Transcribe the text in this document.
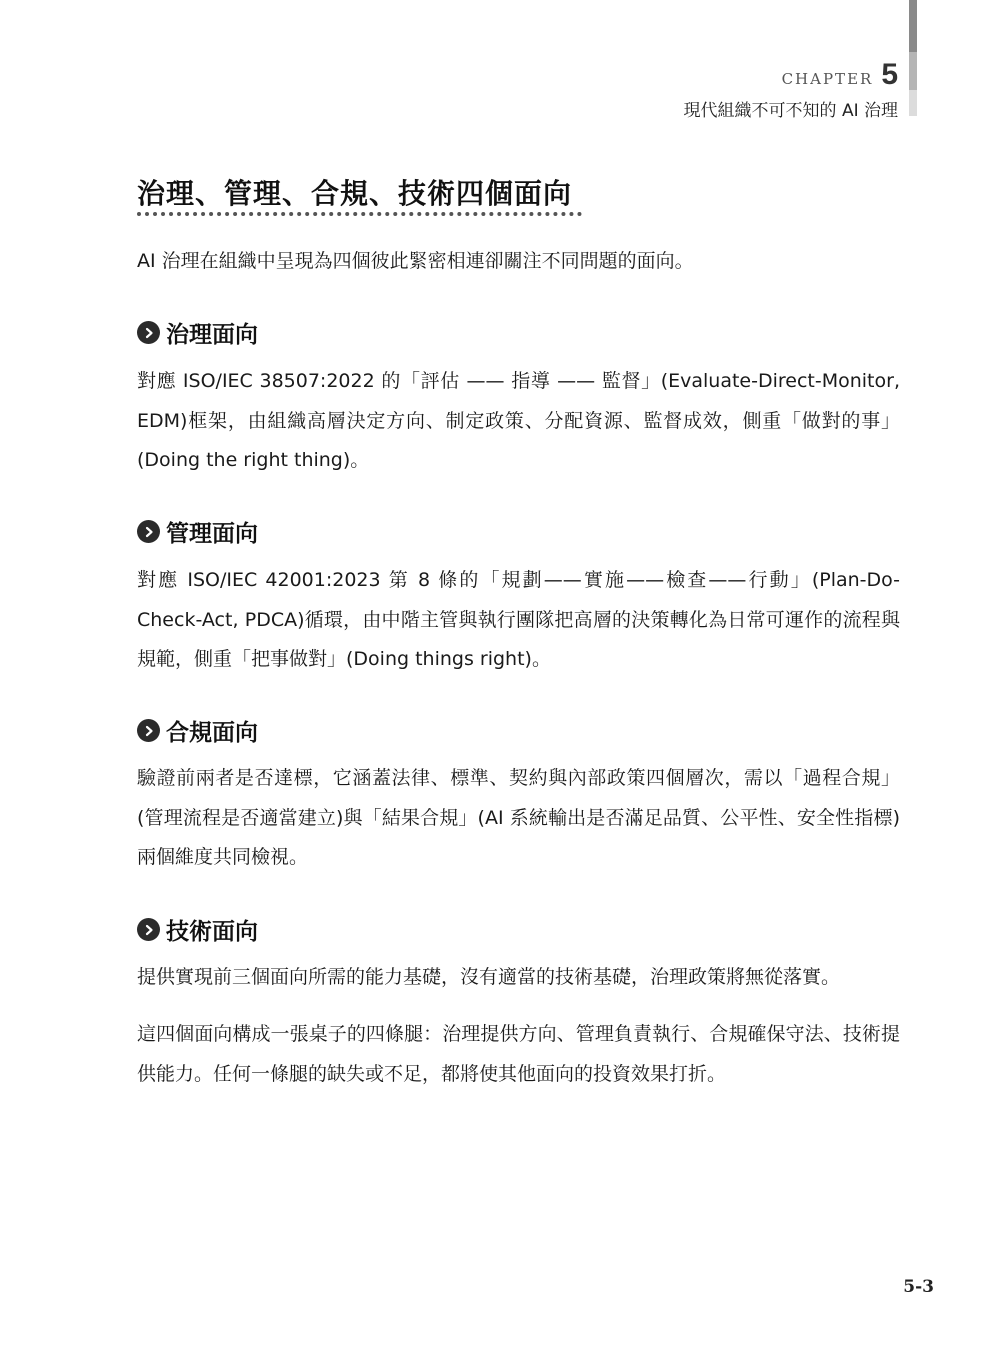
CHAPTER 5
現代組織不可不知的 AI 治理
治理、管理、合規、技術四個面向

AI 治理在組織中呈現為四個彼此緊密相連卻關注不同問題的面向。

治理面向

對應 ISO/IEC 38507:2022 的「評估 —— 指導 —— 監督」(Evaluate-Direct-Monitor, EDM)框架，由組織高層決定方向、制定政策、分配資源、監督成效，側重「做對的事」(Doing the right thing)。

管理面向

對應 ISO/IEC 42001:2023 第 8 條的「規劃——實施——檢查——行動」(Plan-Do-Check-Act, PDCA)循環，由中階主管與執行團隊把高層的決策轉化為日常可運作的流程與規範，側重「把事做對」(Doing things right)。

合規面向

驗證前兩者是否達標，它涵蓋法律、標準、契約與內部政策四個層次，需以「過程合規」(管理流程是否適當建立)與「結果合規」(AI 系統輸出是否滿足品質、公平性、安全性指標)兩個維度共同檢視。

技術面向

提供實現前三個面向所需的能力基礎，沒有適當的技術基礎，治理政策將無從落實。

這四個面向構成一張桌子的四條腿：治理提供方向、管理負責執行、合規確保守法、技術提供能力。任何一條腿的缺失或不足，都將使其他面向的投資效果打折。

5-3
